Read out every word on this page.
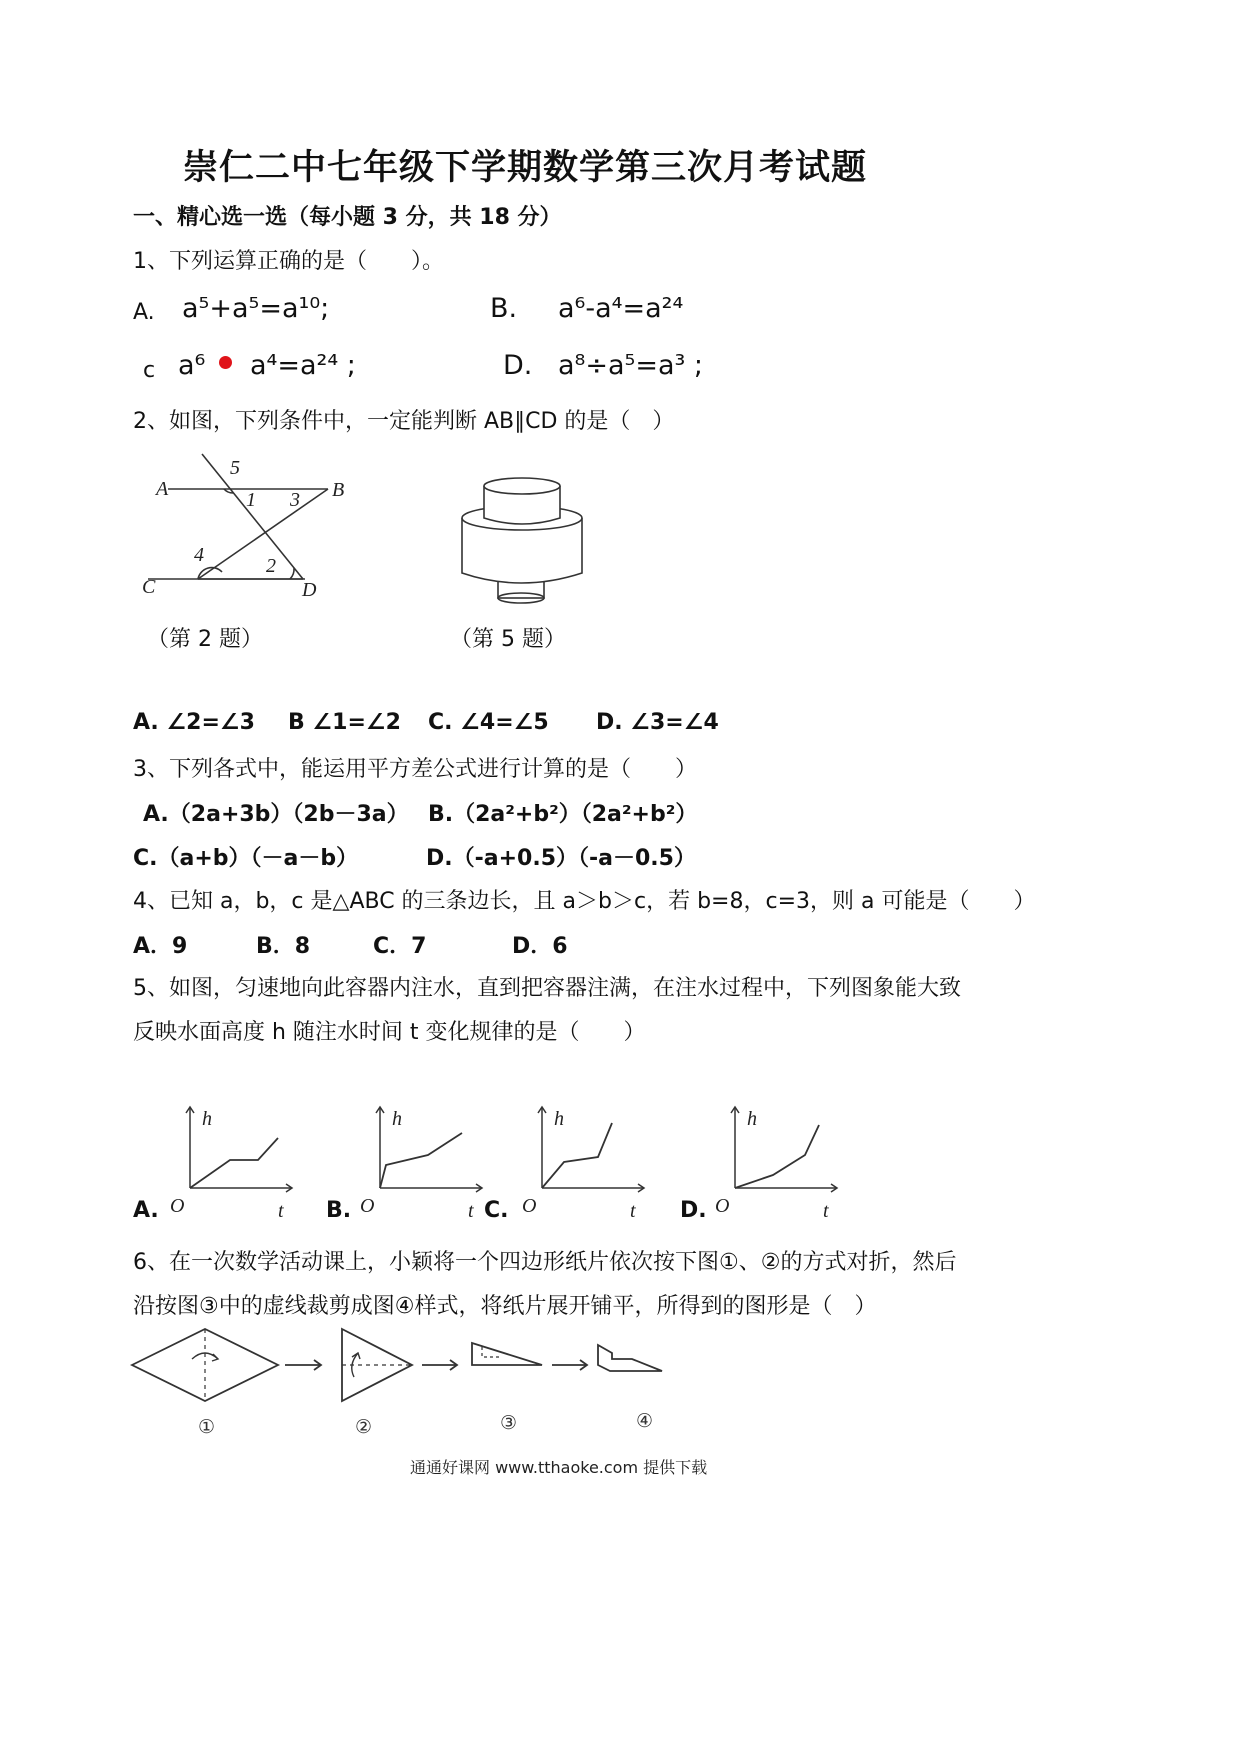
崇仁二中七年级下学期数学第三次月考试题
一、精心选一选（每小题 3 分，共 18 分）
1、下列运算正确的是（　　）。
A. a⁵+a⁵=a¹⁰;	B. a⁶-a⁴=a²⁴
c a⁶ a⁴=a²⁴ ;	D. a⁸÷a⁵=a³ ;
2、如图，下列条件中，一定能判断 AB∥CD 的是（　）
A	B
C	D
1
2
3
4
5
（第 2 题）	（第 5 题）
A. ∠2=∠3 B ∠1=∠2 C. ∠4=∠5 D. ∠3=∠4
3、下列各式中，能运用平方差公式进行计算的是（　　）
A.（2a+3b）（2b－3a） B.（2a²+b²）（2a²+b²）
C.（a+b）（－a－b）	D.（-a+0.5）（-a－0.5）
4、已知 a，b，c 是△ABC 的三条边长，且 a＞b＞c，若 b=8，c=3，则 a 可能是（　　）
A．9	B．8	C．7	D．6
5、如图，匀速地向此容器内注水，直到把容器注满，在注水过程中，下列图象能大致
反映水面高度 h 随注水时间 t 变化规律的是（　　）
A.
h
O	t B.
h
O	t C.
h
O	t D.
h
O	t
6、在一次数学活动课上，小颖将一个四边形纸片依次按下图①、②的方式对折，然后
沿按图③中的虚线裁剪成图④样式，将纸片展开铺平，所得到的图形是（　）
①	②	③	④
通通好课网 www.tthaoke.com 提供下载
